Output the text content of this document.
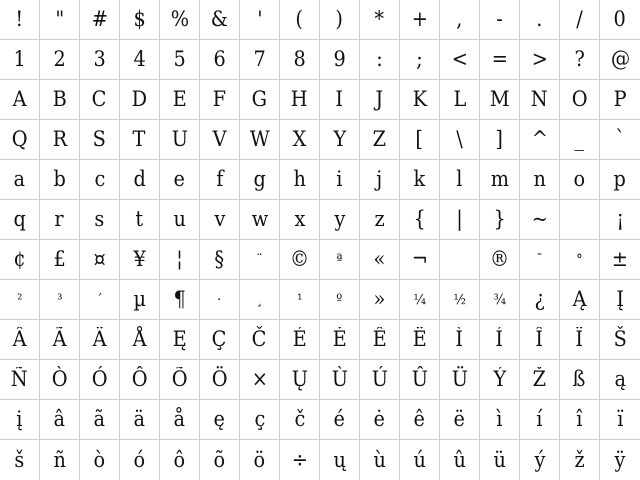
! " # $ % & ' ( ) * + , - . / 0
1 2 3 4 5 6 7 8 9 : ; < = > ? @
A B C D E F G H I J K L M N O P
Q R S T U V W X Y Z [ \ ] ^ _ `
a b c d e f g h i j k l m n o p
q r s t u v w x y z { | } ~	¡
¢ £ ¤ ¥ ¦ § ¨ © ª « ¬	® ¯ ° ±
² ³ ´ µ ¶ · ¸ ¹ º » ¼ ½ ¾ ¿ Ą Į
Â Ã Ä Å Ę Ç Č É Ė Ê Ë Ì Í Î Ï Š
Ñ Ò Ó Ô Õ Ö × Ų Ù Ú Û Ü Ý Ž ß ą
į â ã ä å ę ç č é ė ê ë ì í î ï
š ñ ò ó ô õ ö ÷ ų ù ú û ü ý ž ÿ
